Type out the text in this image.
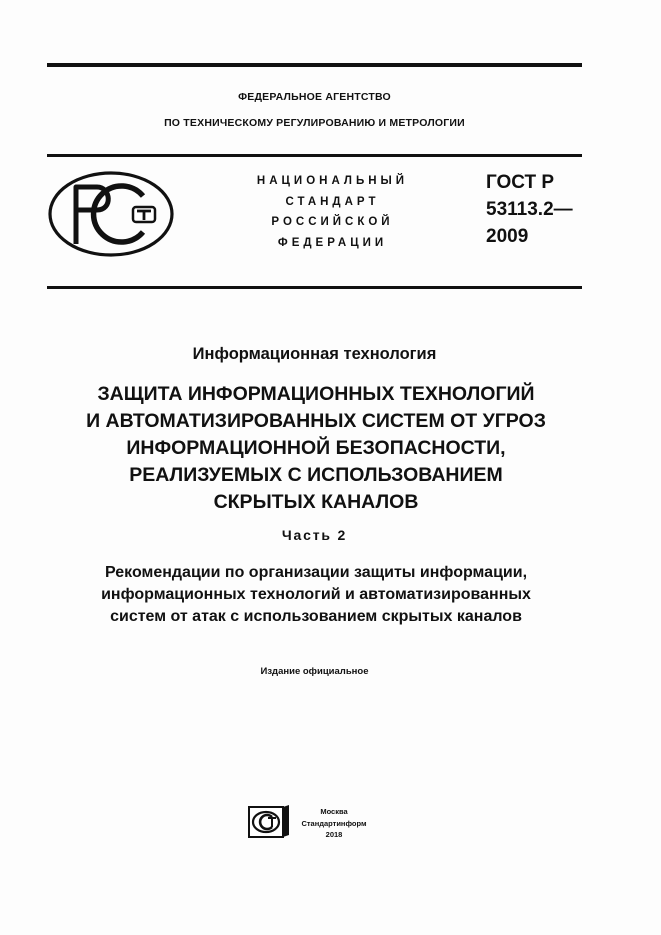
ФЕДЕРАЛЬНОЕ АГЕНТСТВО
ПО ТЕХНИЧЕСКОМУ РЕГУЛИРОВАНИЮ И МЕТРОЛОГИИ
НАЦИОНАЛЬНЫЙ
СТАНДАРТ
РОССИЙСКОЙ
ФЕДЕРАЦИИ
ГОСТ Р
53113.2—
2009
Информационная технология
ЗАЩИТА ИНФОРМАЦИОННЫХ ТЕХНОЛОГИЙ
И АВТОМАТИЗИРОВАННЫХ СИСТЕМ ОТ УГРОЗ
ИНФОРМАЦИОННОЙ БЕЗОПАСНОСТИ,
РЕАЛИЗУЕМЫХ С ИСПОЛЬЗОВАНИЕМ
СКРЫТЫХ КАНАЛОВ
Часть 2
Рекомендации по организации защиты информации,
информационных технологий и автоматизированных
систем от атак с использованием скрытых каналов
Издание официальное
Москва
Стандартинформ
2018
